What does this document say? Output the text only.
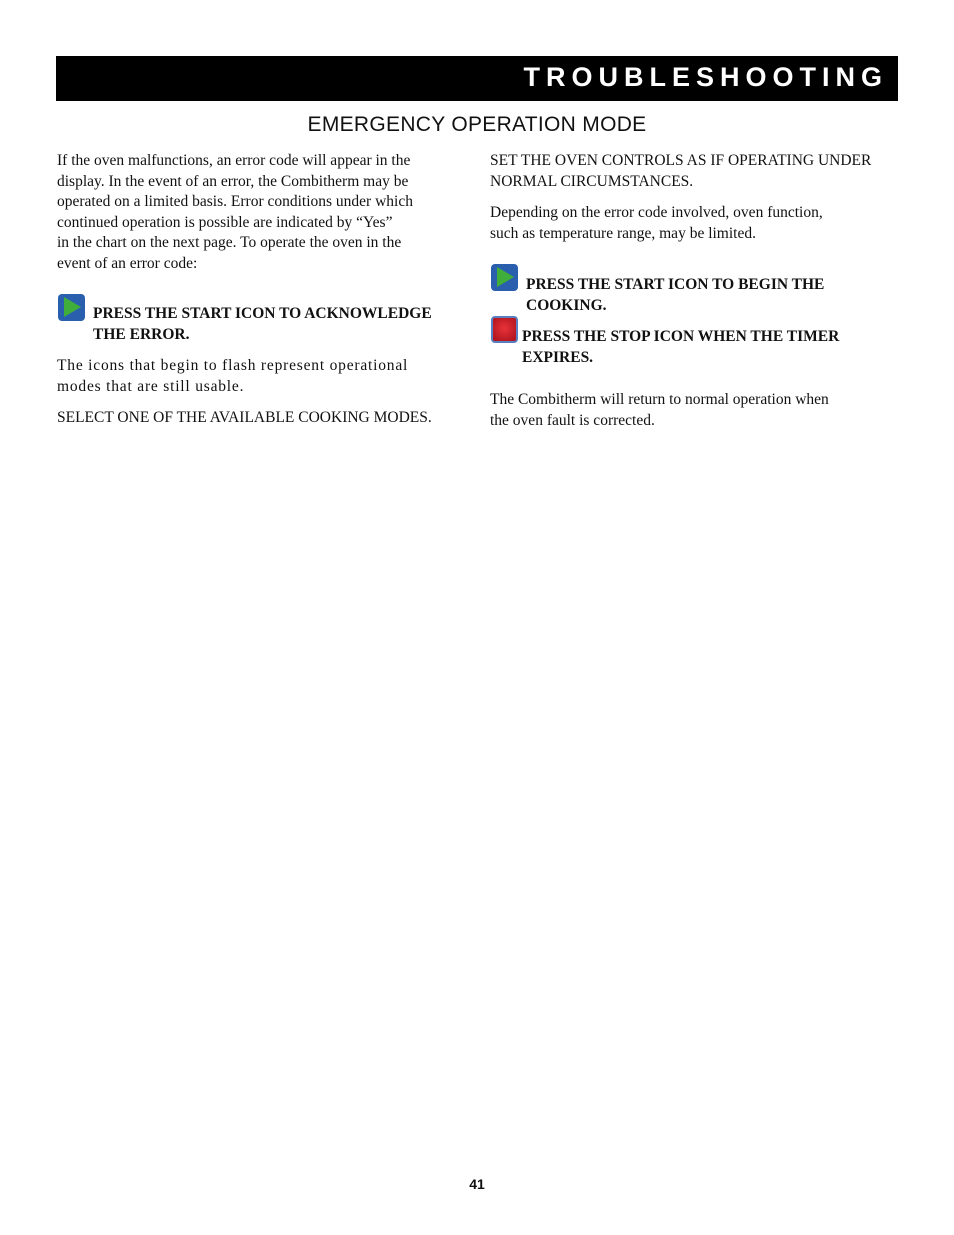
TROUBLESHOOTING
EMERGENCY OPERATION MODE
If the oven malfunctions, an error code will appear in the
display. In the event of an error, the Combitherm may be
operated on a limited basis. Error conditions under which
continued operation is possible are indicated by “Yes”
in the chart on the next page. To operate the oven in the
event of an error code:
PRESS THE START ICON TO ACKNOWLEDGE
THE ERROR.
The icons that begin to flash represent operational
modes that are still usable.
SELECT ONE OF THE AVAILABLE COOKING MODES.
SET THE OVEN CONTROLS AS IF OPERATING UNDER
NORMAL CIRCUMSTANCES.
Depending on the error code involved, oven function,
such as temperature range, may be limited.
PRESS THE START ICON TO BEGIN THE
COOKING.
PRESS THE STOP ICON WHEN THE TIMER
EXPIRES.
The Combitherm will return to normal operation when
the oven fault is corrected.
41
